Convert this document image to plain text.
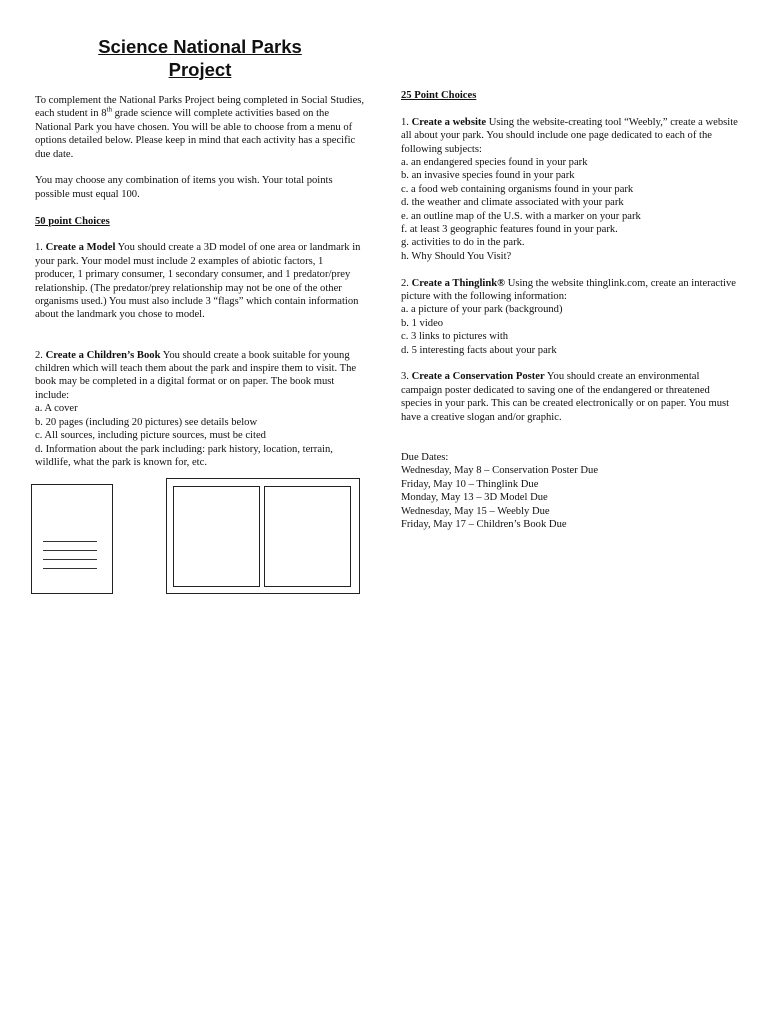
Science National Parks
Project

To complement the National Parks Project being completed in Social Studies, each student in 8th grade science will complete activities based on the National Park you have chosen. You will be able to choose from a menu of options detailed below. Please keep in mind that each activity has a specific due date.

You may choose any combination of items you wish. Your total points possible must equal 100.

50 point Choices

1. Create a Model You should create a 3D model of one area or landmark in your park. Your model must include 2 examples of abiotic factors, 1 producer, 1 primary consumer, 1 secondary consumer, and 1 predator/prey relationship. (The predator/prey relationship may not be one of the other organisms used.) You must also include 3 “flags” which contain information about the landmark you chose to model.

2. Create a Children’s Book You should create a book suitable for young children which will teach them about the park and inspire them to visit. The book may be completed in a digital format or on paper. The book must include:

a. A cover
b. 20 pages (including 20 pictures) see details below
c. All sources, including picture sources, must be cited
d. Information about the park including: park history, location, terrain, wildlife, what the park is known for, etc.

25 Point Choices

1. Create a website Using the website-creating tool “Weebly,” create a website all about your park. You should include one page dedicated to each of the following subjects:

a. an endangered species found in your park
b. an invasive species found in your park
c. a food web containing organisms found in your park
d. the weather and climate associated with your park
e. an outline map of the U.S. with a marker on your park
f. at least 3 geographic features found in your park.
g. activities to do in the park.
h. Why Should You Visit?

2. Create a Thinglink® Using the website thinglink.com, create an interactive picture with the following information:

a. a picture of your park (background)
b. 1 video
c. 3 links to pictures with
d. 5 interesting facts about your park

3. Create a Conservation Poster You should create an environmental campaign poster dedicated to saving one of the endangered or threatened species in your park. This can be created electronically or on paper. You must have a creative slogan and/or graphic.

Due Dates:

Wednesday, May 8 – Conservation Poster Due
Friday, May 10 – Thinglink Due
Monday, May 13 – 3D Model Due
Wednesday, May 15 – Weebly Due
Friday, May 17 – Children’s Book Due
